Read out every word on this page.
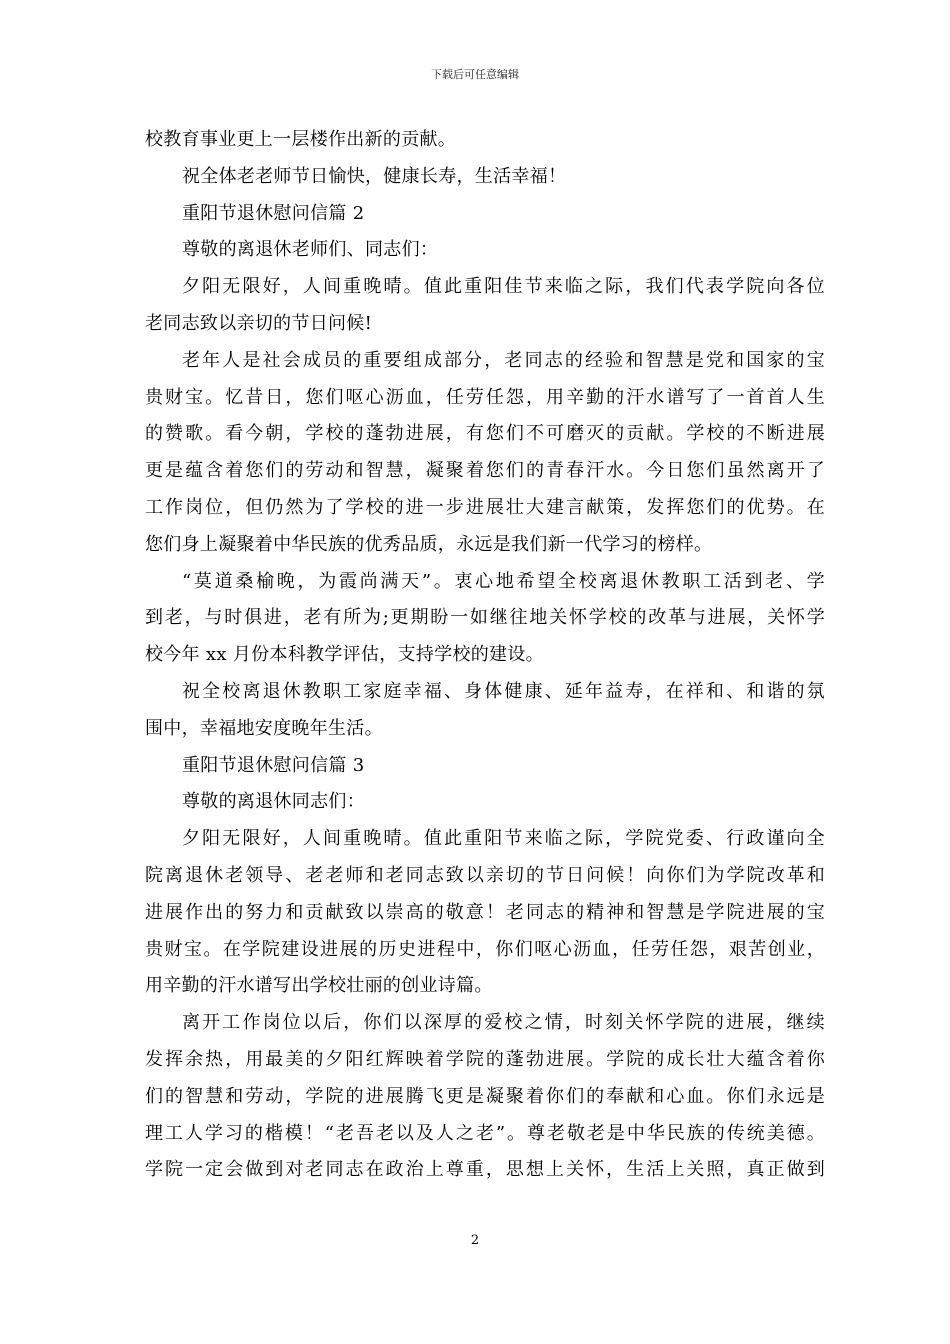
下载后可任意编辑
校教育事业更上一层楼作出新的贡献。
祝全体老老师节日愉快，健康长寿，生活幸福！
重阳节退休慰问信篇 2
尊敬的离退休老师们、同志们：
夕阳无限好，人间重晚晴。值此重阳佳节来临之际，我们代表学院向各位
老同志致以亲切的节日问候!
老年人是社会成员的重要组成部分，老同志的经验和智慧是党和国家的宝
贵财宝。忆昔日，您们呕心沥血，任劳任怨，用辛勤的汗水谱写了一首首人生
的赞歌。看今朝，学校的蓬勃进展，有您们不可磨灭的贡献。学校的不断进展
更是蕴含着您们的劳动和智慧，凝聚着您们的青春汗水。今日您们虽然离开了
工作岗位，但仍然为了学校的进一步进展壮大建言献策，发挥您们的优势。在
您们身上凝聚着中华民族的优秀品质，永远是我们新一代学习的榜样。
“莫道桑榆晚，为霞尚满天”。衷心地希望全校离退休教职工活到老、学
到老，与时俱进，老有所为;更期盼一如继往地关怀学校的改革与进展，关怀学
校今年 xx 月份本科教学评估，支持学校的建设。
祝全校离退休教职工家庭幸福、身体健康、延年益寿，在祥和、和谐的氛
围中，幸福地安度晚年生活。
重阳节退休慰问信篇 3
尊敬的离退休同志们：
夕阳无限好，人间重晚晴。值此重阳节来临之际，学院党委、行政谨向全
院离退休老领导、老老师和老同志致以亲切的节日问候！向你们为学院改革和
进展作出的努力和贡献致以崇高的敬意！老同志的精神和智慧是学院进展的宝
贵财宝。在学院建设进展的历史进程中，你们呕心沥血，任劳任怨，艰苦创业，
用辛勤的汗水谱写出学校壮丽的创业诗篇。
离开工作岗位以后，你们以深厚的爱校之情，时刻关怀学院的进展，继续
发挥余热，用最美的夕阳红辉映着学院的蓬勃进展。学院的成长壮大蕴含着你
们的智慧和劳动，学院的进展腾飞更是凝聚着你们的奉献和心血。你们永远是
理工人学习的楷模！“老吾老以及人之老”。尊老敬老是中华民族的传统美德。
学院一定会做到对老同志在政治上尊重，思想上关怀，生活上关照，真正做到
2
